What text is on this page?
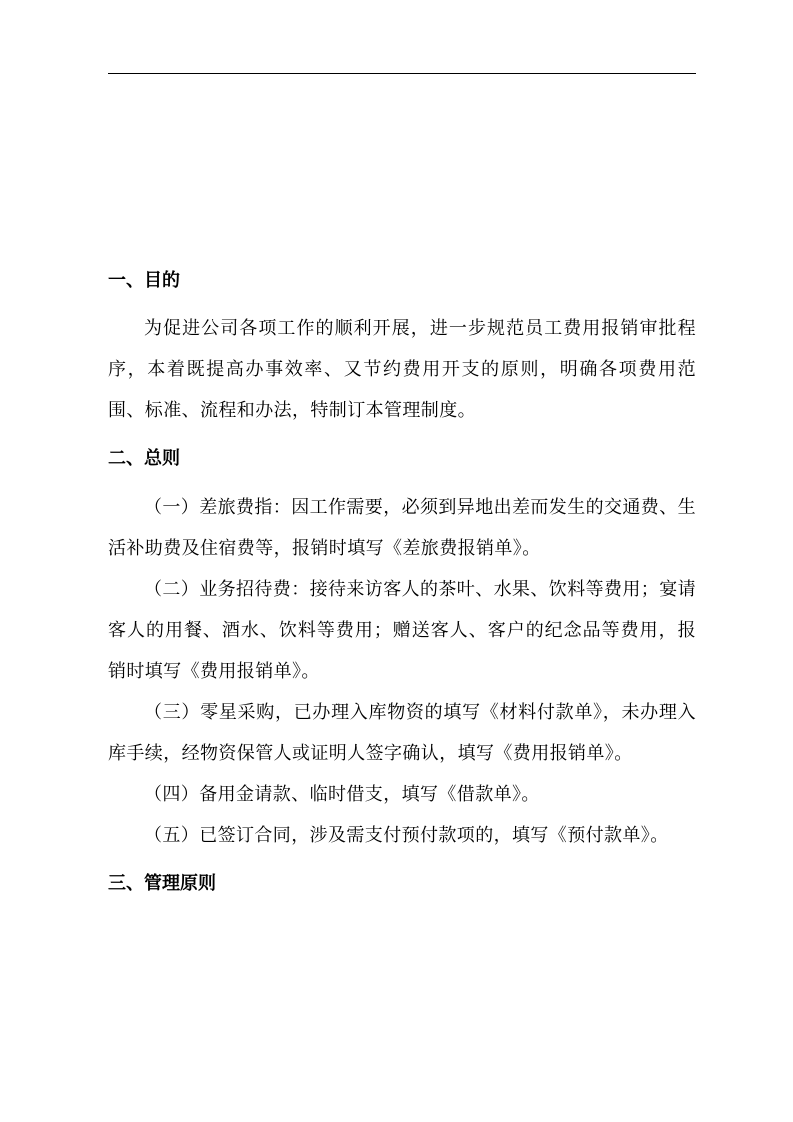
一、目的

为促进公司各项工作的顺利开展，进一步规范员工费用报销审批程序，本着既提高办事效率、又节约费用开支的原则，明确各项费用范围、标准、流程和办法，特制订本管理制度。

二、总则

（一）差旅费指：因工作需要，必须到异地出差而发生的交通费、生活补助费及住宿费等，报销时填写《差旅费报销单》。

（二）业务招待费：接待来访客人的茶叶、水果、饮料等费用；宴请客人的用餐、酒水、饮料等费用；赠送客人、客户的纪念品等费用，报销时填写《费用报销单》。

（三）零星采购，已办理入库物资的填写《材料付款单》，未办理入库手续，经物资保管人或证明人签字确认，填写《费用报销单》。

（四）备用金请款、临时借支，填写《借款单》。

（五）已签订合同，涉及需支付预付款项的，填写《预付款单》。

三、管理原则
